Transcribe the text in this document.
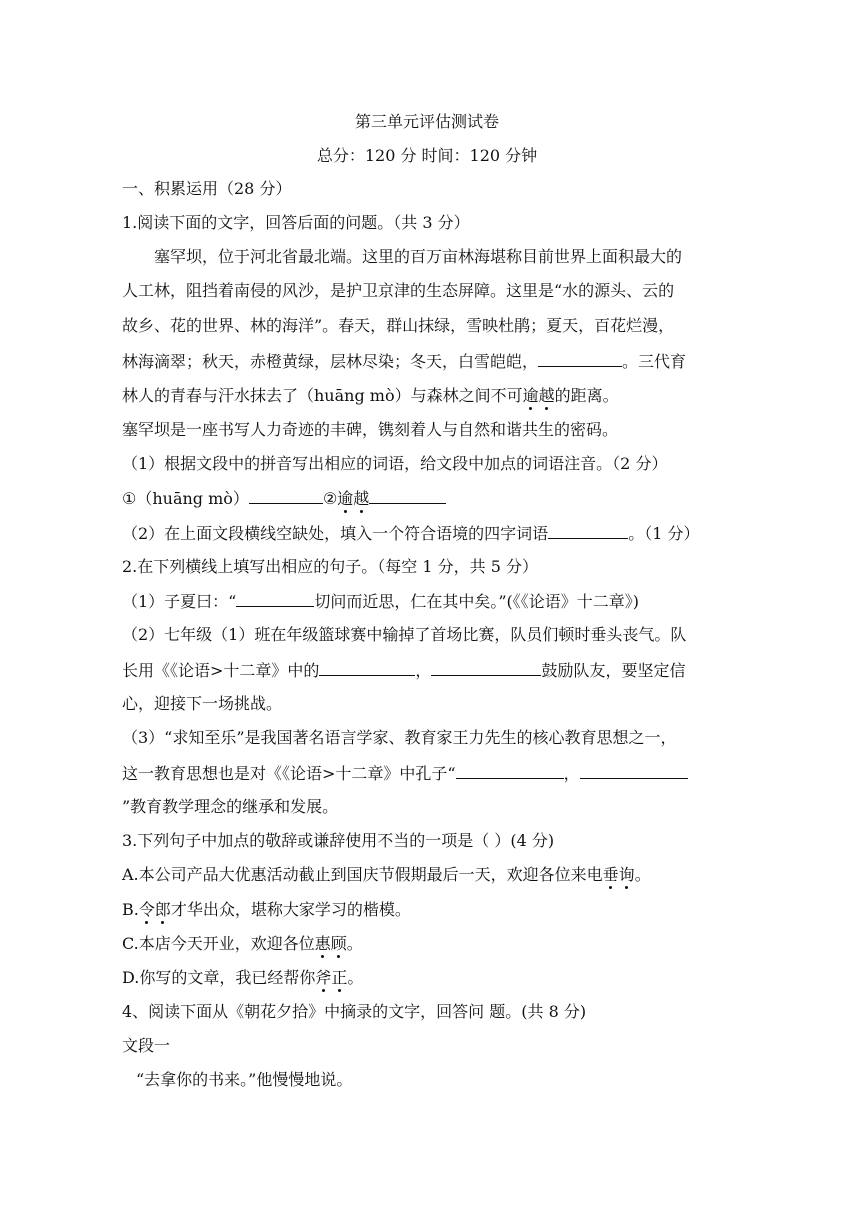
第三单元评估测试卷
总分：120 分 时间：120 分钟
一、积累运用（28 分）
1.阅读下面的文字，回答后面的问题。（共 3 分）
塞罕坝，位于河北省最北端。这里的百万亩林海堪称目前世界上面积最大的
人工林，阻挡着南侵的风沙，是护卫京津的生态屏障。这里是“水的源头、云的
故乡、花的世界、林的海洋”。春天，群山抹绿，雪映杜鹃；夏天，百花烂漫，
林海滴翠；秋天，赤橙黄绿，层林尽染；冬天，白雪皑皑，	。三代育
林人的青春与汗水抹去了（huāng mò）与森林之间不可逾越的距离。
塞罕坝是一座书写人力奇迹的丰碑，镌刻着人与自然和谐共生的密码。
（1）根据文段中的拼音写出相应的词语，给文段中加点的词语注音。（2 分）
①（huāng mò）	②逾越
（2）在上面文段横线空缺处，填入一个符合语境的四字词语	。（1 分）
2.在下列横线上填写出相应的句子。（每空 1 分，共 5 分）
（1）子夏曰：“	切问而近思，仁在其中矣。”(《《论语》十二章》)
（2）七年级（1）班在年级篮球赛中输掉了首场比赛，队员们顿时垂头丧气。队
长用《《论语>十二章》中的	，	鼓励队友，要坚定信
心，迎接下一场挑战。
（3）“求知至乐”是我国著名语言学家、教育家王力先生的核心教育思想之一，
这一教育思想也是对《《论语>十二章》中孔子“	，
”教育教学理念的继承和发展。
3.下列句子中加点的敬辞或谦辞使用不当的一项是（ ）(4 分)
A.本公司产品大优惠活动截止到国庆节假期最后一天，欢迎各位来电垂询。
B.令郎才华出众，堪称大家学习的楷模。
C.本店今天开业，欢迎各位惠顾。
D.你写的文章，我已经帮你斧正。
4、阅读下面从《朝花夕拾》中摘录的文字，回答问 题。(共 8 分)
文段一
“去拿你的书来。”他慢慢地说。
